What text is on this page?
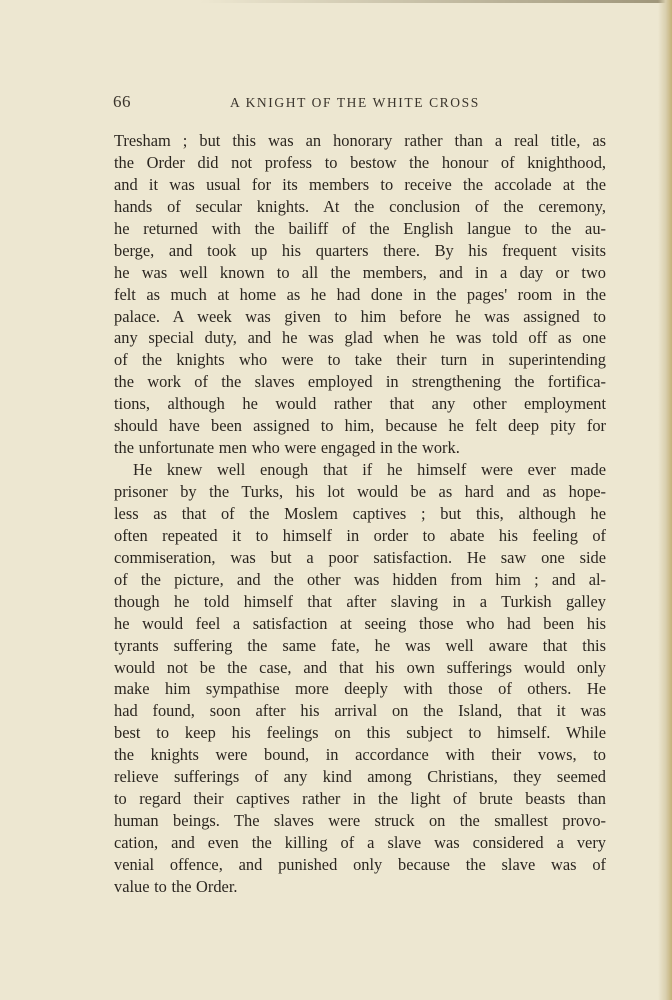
66	A KNIGHT OF THE WHITE CROSS
Tresham ; but this was an honorary rather than a real title, as
the Order did not profess to bestow the honour of knighthood,
and it was usual for its members to receive the accolade at the
hands of secular knights. At the conclusion of the ceremony,
he returned with the bailiff of the English langue to the au-
berge, and took up his quarters there. By his frequent visits
he was well known to all the members, and in a day or two
felt as much at home as he had done in the pages' room in the
palace. A week was given to him before he was assigned to
any special duty, and he was glad when he was told off as one
of the knights who were to take their turn in superintending
the work of the slaves employed in strengthening the fortifica-
tions, although he would rather that any other employment
should have been assigned to him, because he felt deep pity for
the unfortunate men who were engaged in the work.
He knew well enough that if he himself were ever made
prisoner by the Turks, his lot would be as hard and as hope-
less as that of the Moslem captives ; but this, although he
often repeated it to himself in order to abate his feeling of
commiseration, was but a poor satisfaction. He saw one side
of the picture, and the other was hidden from him ; and al-
though he told himself that after slaving in a Turkish galley
he would feel a satisfaction at seeing those who had been his
tyrants suffering the same fate, he was well aware that this
would not be the case, and that his own sufferings would only
make him sympathise more deeply with those of others. He
had found, soon after his arrival on the Island, that it was
best to keep his feelings on this subject to himself. While
the knights were bound, in accordance with their vows, to
relieve sufferings of any kind among Christians, they seemed
to regard their captives rather in the light of brute beasts than
human beings. The slaves were struck on the smallest provo-
cation, and even the killing of a slave was considered a very
venial offence, and punished only because the slave was of
value to the Order.
